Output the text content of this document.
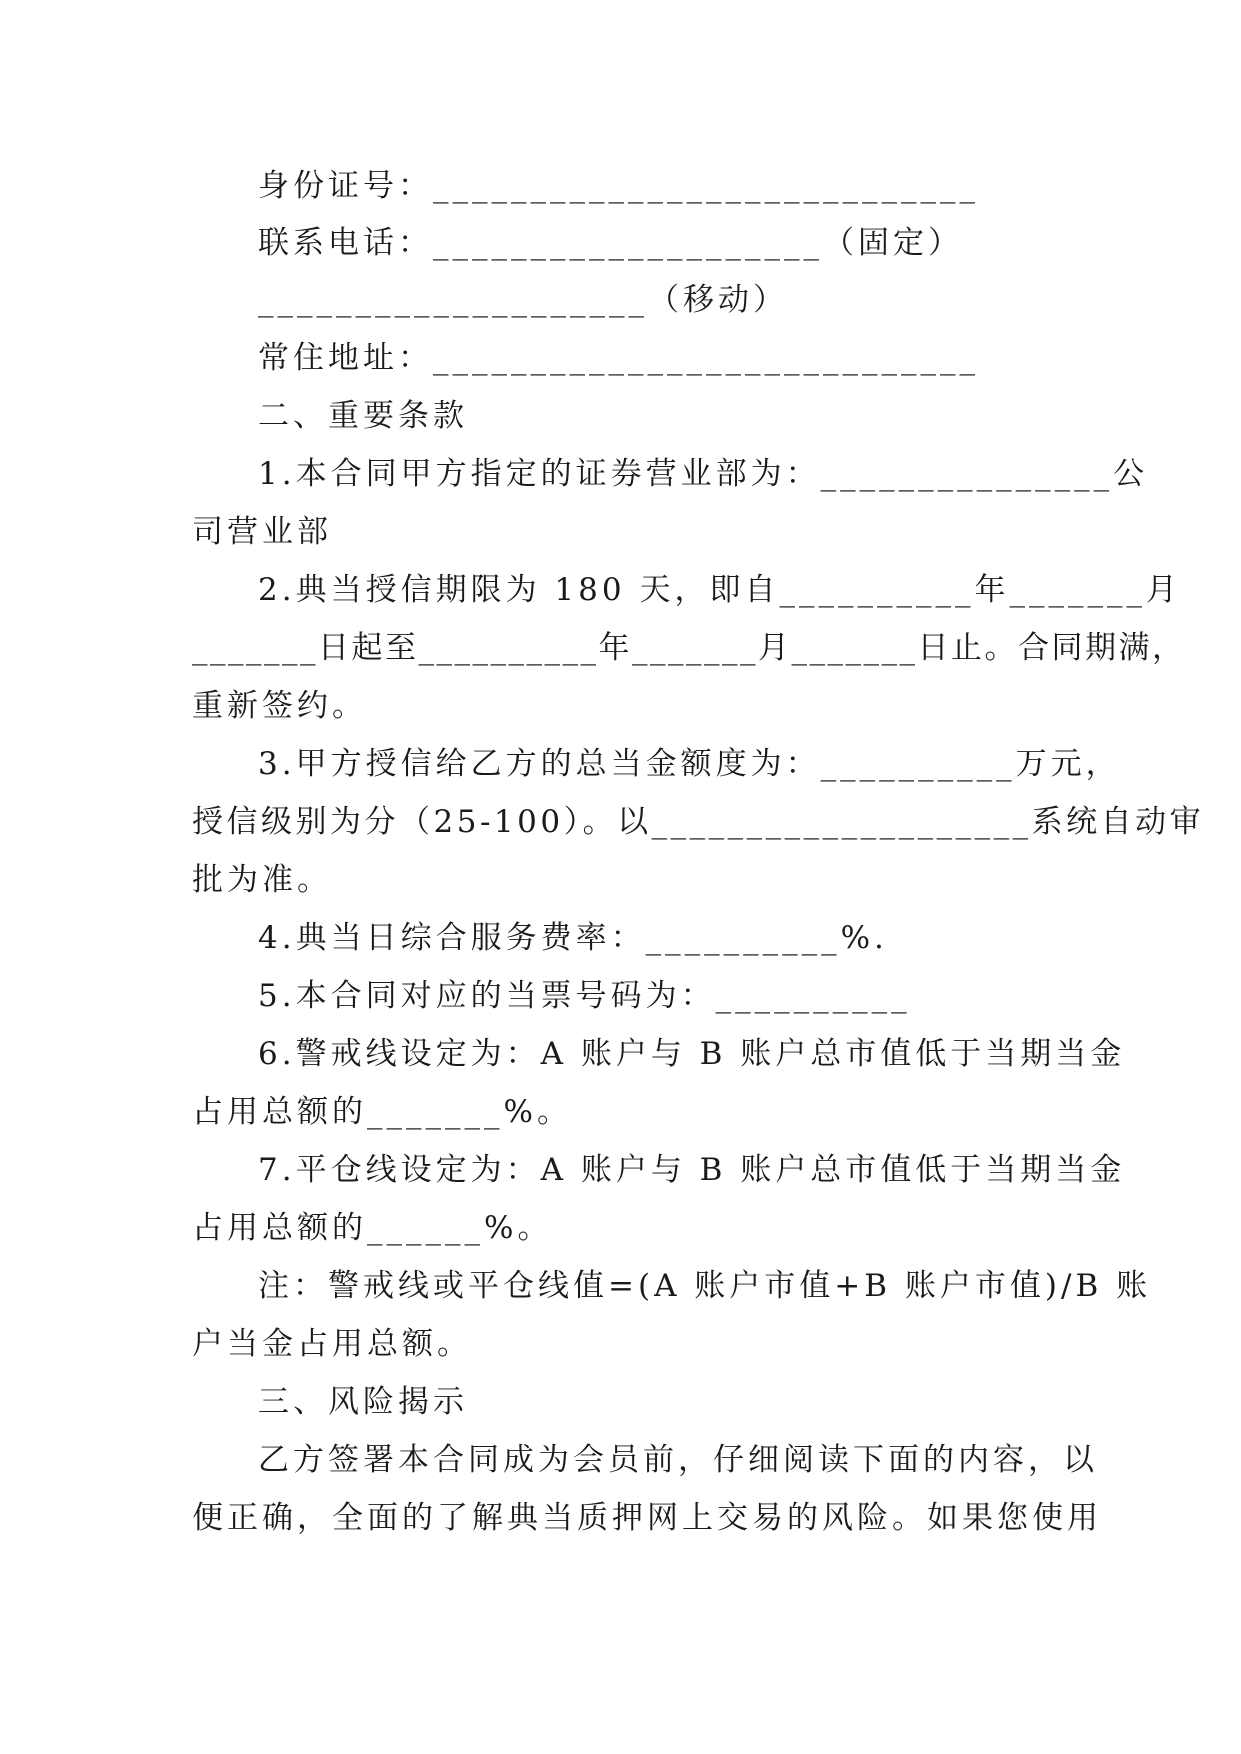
身份证号：____________________________
联系电话：____________________（固定）
____________________（移动）
常住地址：____________________________
二、重要条款
1.本合同甲方指定的证券营业部为：_______________公
司营业部
2.典当授信期限为 180 天，即自__________年_______月
_______日起至__________年_______月_______日止。合同期满，
重新签约。
3.甲方授信给乙方的总当金额度为：__________万元，
授信级别为分（25-100）。以____________________系统自动审
批为准。
4.典当日综合服务费率：__________%.
5.本合同对应的当票号码为：__________
6.警戒线设定为：A 账户与 B 账户总市值低于当期当金
占用总额的_______%。
7.平仓线设定为：A 账户与 B 账户总市值低于当期当金
占用总额的______%。
注：警戒线或平仓线值=(A 账户市值+B 账户市值)/B 账
户当金占用总额。
三、风险揭示
乙方签署本合同成为会员前，仔细阅读下面的内容，以
便正确，全面的了解典当质押网上交易的风险。如果您使用
